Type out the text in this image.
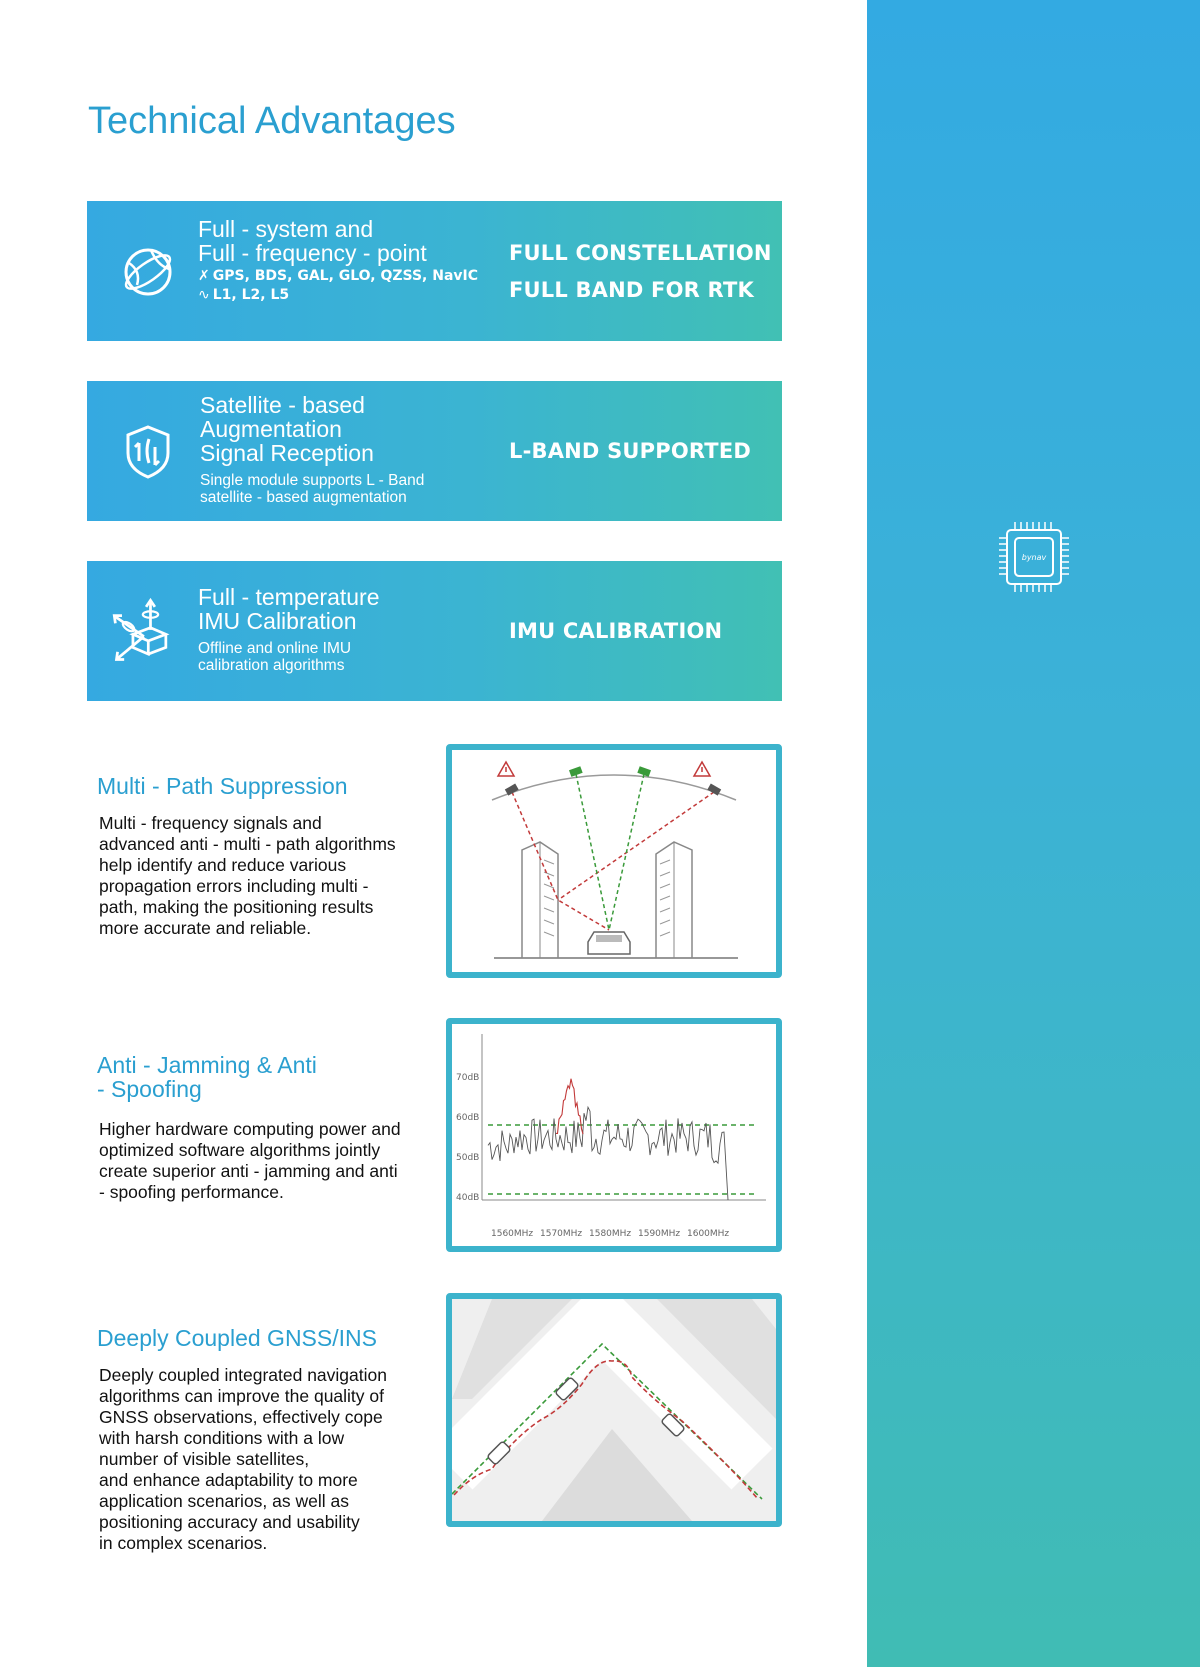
bynav
Technical Advantages
Full - system and
Full - frequency - point
✗ GPS, BDS, GAL, GLO, QZSS, NavIC
∿ L1, L2, L5
FULL CONSTELLATION
FULL BAND FOR RTK
Satellite - based
Augmentation
Signal Reception
Single module supports L - Band
satellite - based augmentation
L-BAND SUPPORTED
Full - temperature
IMU Calibration
Offline and online IMU
calibration algorithms
IMU CALIBRATION
Multi - Path Suppression
Multi - frequency signals and
advanced anti - multi - path algorithms
help identify and reduce various
propagation errors including multi -
path, making the positioning results
more accurate and reliable.
Anti - Jamming & Anti
- Spoofing
Higher hardware computing power and
optimized software algorithms jointly
create superior anti - jamming and anti
- spoofing performance.
70dB
60dB
50dB
40dB
1560MHz 1570MHz 1580MHz 1590MHz 1600MHz
Deeply Coupled GNSS/INS
Deeply coupled integrated navigation
algorithms can improve the quality of
GNSS observations, effectively cope
with harsh conditions with a low
number of visible satellites,
and enhance adaptability to more
application scenarios, as well as
positioning accuracy and usability
in complex scenarios.
